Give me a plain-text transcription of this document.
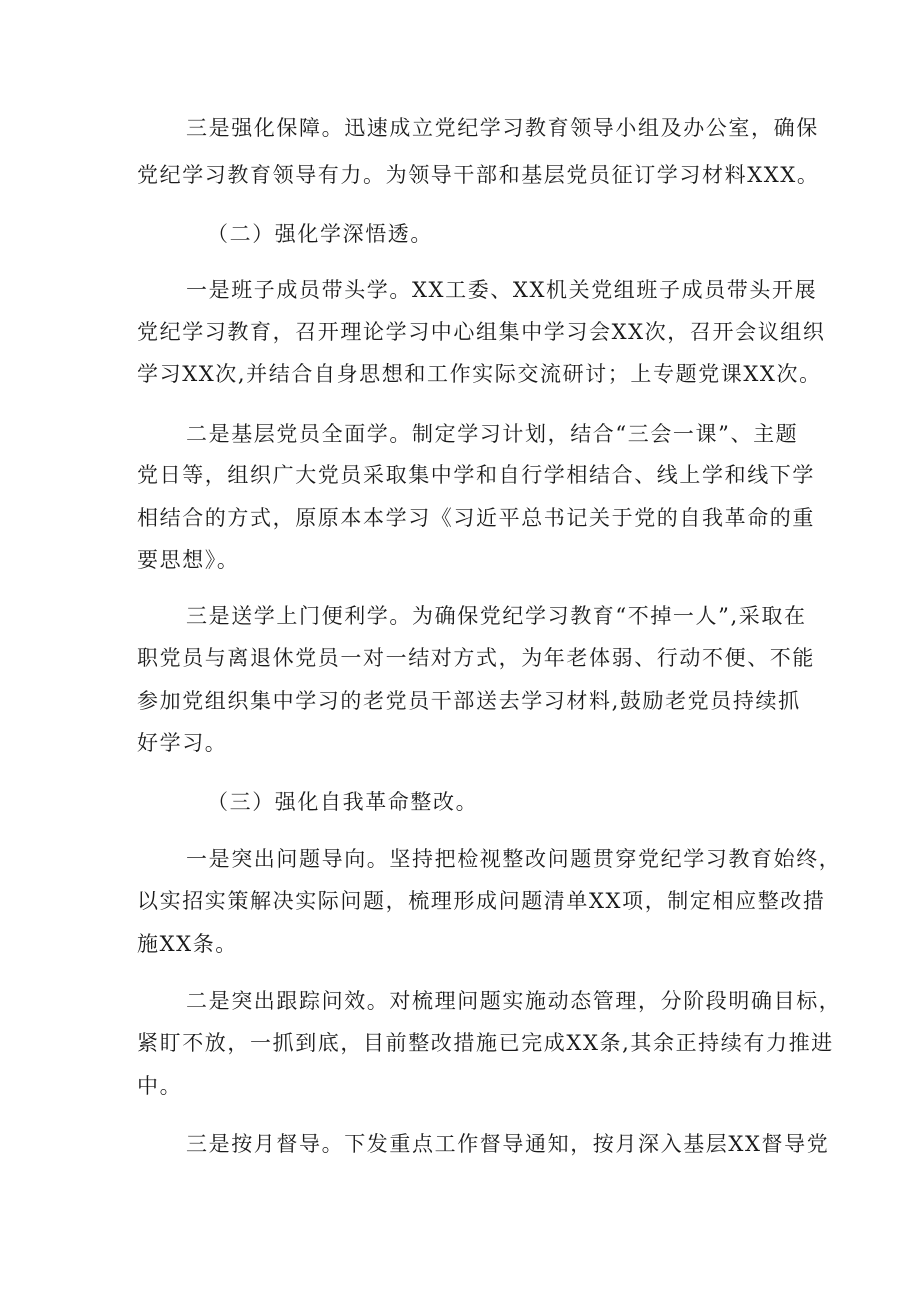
三是强化保障。迅速成立党纪学习教育领导小组及办公室，确保

党纪学习教育领导有力。为领导干部和基层党员征订学习材料XXX。

（二）强化学深悟透。

一是班子成员带头学。XX工委、XX机关党组班子成员带头开展

党纪学习教育，召开理论学习中心组集中学习会XX次，召开会议组织

学习XX次,并结合自身思想和工作实际交流研讨；上专题党课XX次。

二是基层党员全面学。制定学习计划，结合“三会一课”、主题

党日等，组织广大党员采取集中学和自行学相结合、线上学和线下学

相结合的方式，原原本本学习《习近平总书记关于党的自我革命的重

要思想》。

三是送学上门便利学。为确保党纪学习教育“不掉一人”,采取在

职党员与离退休党员一对一结对方式，为年老体弱、行动不便、不能

参加党组织集中学习的老党员干部送去学习材料,鼓励老党员持续抓

好学习。

（三）强化自我革命整改。

一是突出问题导向。坚持把检视整改问题贯穿党纪学习教育始终，

以实招实策解决实际问题，梳理形成问题清单XX项，制定相应整改措

施XX条。

二是突出跟踪问效。对梳理问题实施动态管理，分阶段明确目标，

紧盯不放，一抓到底，目前整改措施已完成XX条,其余正持续有力推进

中。

三是按月督导。下发重点工作督导通知，按月深入基层XX督导党
